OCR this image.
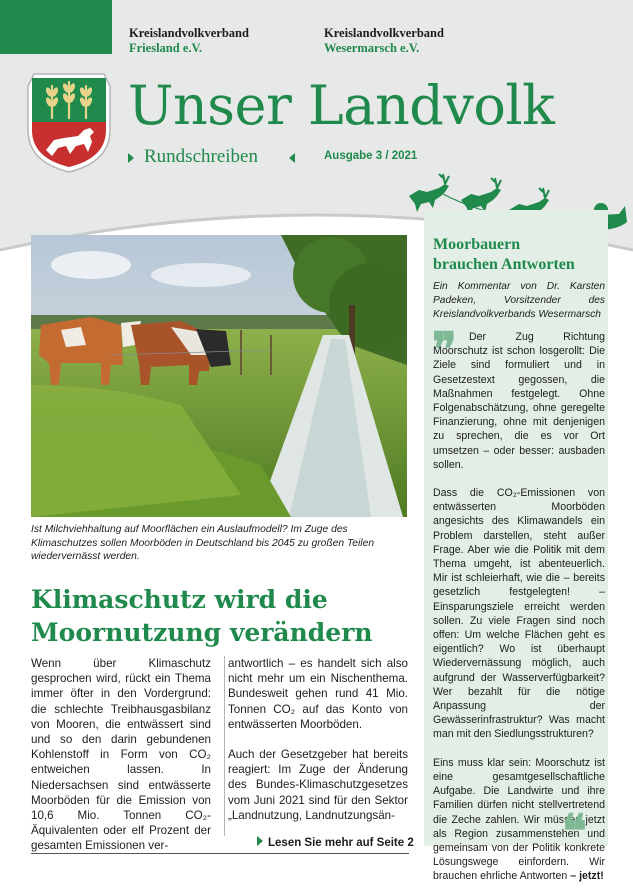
Kreislandvolkverband
Friesland e.V.
Kreislandvolkverband
Wesermarsch e.V.
Unser Landvolk
Rundschreiben	Ausgabe 3 / 2021
Ist Milchviehhaltung auf Moorflächen ein Auslaufmodell? Im Zuge des Klimaschutzes sollen Moorböden in Deutschland bis 2045 zu großen Teilen wiedervernässt werden.
Klimaschutz wird die
Moornutzung verändern

Wenn über Klimaschutz gesprochen wird, rückt ein Thema immer öfter in den Vordergrund: die schlechte Treibhausgasbilanz von Mooren, die entwässert sind und so den darin gebundenen Kohlenstoff in Form von CO₂ entweichen lassen. In Niedersachsen sind entwässerte Moorböden für die Emission von 10,6 Mio. Tonnen CO₂-Äquivalenten oder elf Prozent der gesamten Emissionen ver-

antwortlich – es handelt sich also nicht mehr um ein Nischenthema. Bundesweit gehen rund 41 Mio. Tonnen CO₂ auf das Konto von entwässerten Moorböden.

Auch der Gesetzgeber hat bereits reagiert: Im Zuge der Änderung des Bundes-Klimaschutzgesetzes vom Juni 2021 sind für den Sektor „Landnutzung, Landnutzungsän-

Lesen Sie mehr auf Seite 2
Moorbauern
brauchen Antworten
Ein Kommentar von Dr. Karsten Padeken, Vorsitzender des Kreislandvolkverbands Wesermarsch
❞	Der Zug Richtung Moorschutz ist schon losgerollt: Die Ziele sind formuliert und in Gesetzestext gegossen, die Maßnahmen festgelegt. Ohne Folgenabschätzung, ohne geregelte Finanzierung, ohne mit denjenigen zu sprechen, die es vor Ort umsetzen – oder besser: ausbaden sollen.

Dass die CO₂-Emissionen von entwässerten Moorböden angesichts des Klimawandels ein Problem darstellen, steht außer Frage. Aber wie die Politik mit dem Thema umgeht, ist abenteuerlich. Mir ist schleierhaft, wie die – bereits gesetzlich festgelegten! – Einsparungsziele erreicht werden sollen. Zu viele Fragen sind noch offen: Um welche Flächen geht es eigentlich? Wo ist überhaupt Wiedervernässung möglich, auch aufgrund der Wasserverfügbarkeit? Wer bezahlt für die nötige Anpassung der Gewässerinfrastruktur? Was macht man mit den Siedlungsstrukturen?

Eins muss klar sein: Moorschutz ist eine gesamtgesellschaftliche Aufgabe. Die Landwirte und ihre Familien dürfen nicht stellvertretend die Zeche zahlen. Wir müssen jetzt als Region zusammenstehen und gemeinsam von der Politik konkrete Lösungswege einfordern. Wir brauchen ehrliche Antworten – jetzt!

❝
